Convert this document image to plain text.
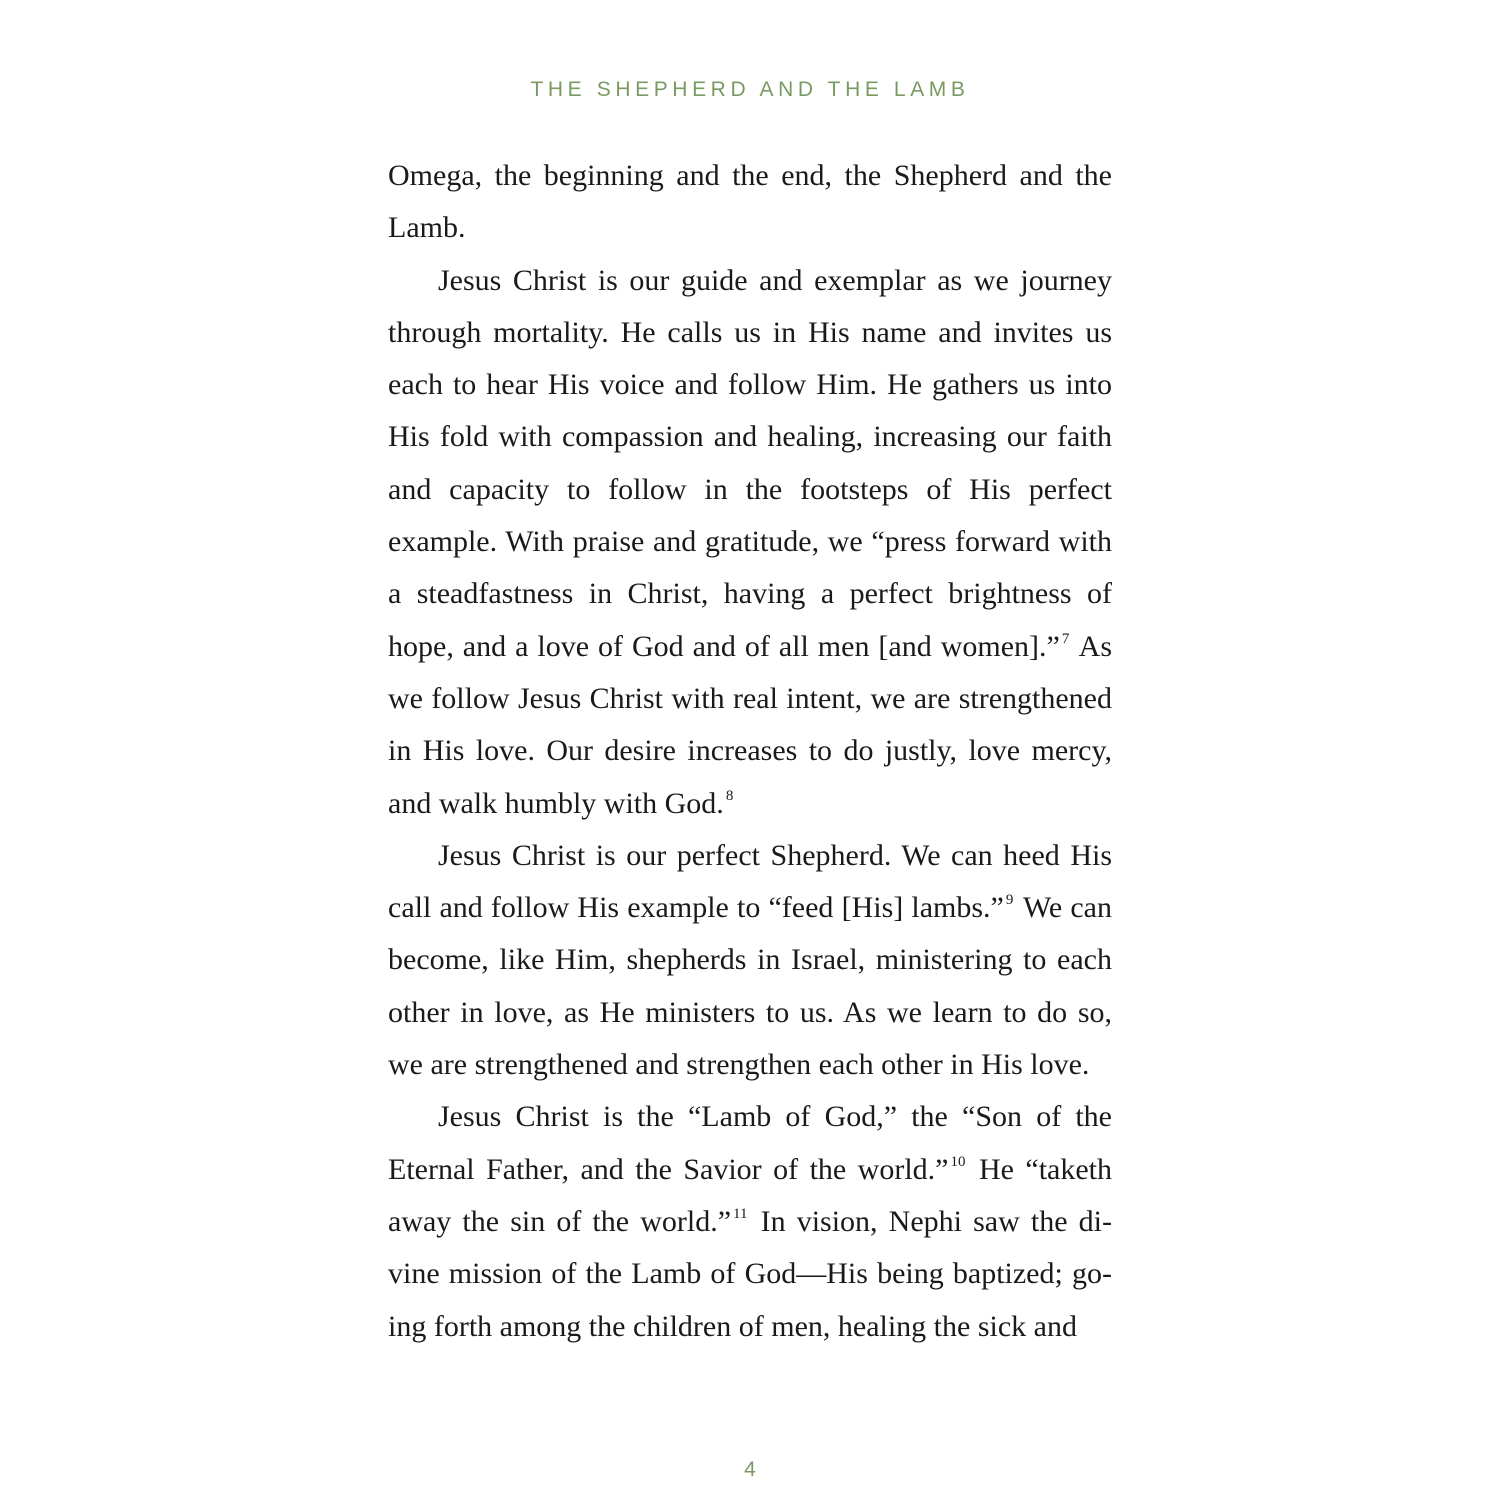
THE SHEPHERD AND THE LAMB

Omega, the beginning and the end, the Shepherd and the Lamb.

Jesus Christ is our guide and exemplar as we journey through mortality. He calls us in His name and invites us each to hear His voice and follow Him. He gathers us into His fold with compassion and healing, increasing our faith and capacity to follow in the footsteps of His perfect example. With praise and gratitude, we “press forward with a steadfastness in Christ, having a perfect brightness of hope, and a love of God and of all men [and women].” $^7$ As we follow Jesus Christ with real intent, we are strengthened in His love. Our desire increases to do justly, love mercy, and walk humbly with God. $^8$

Jesus Christ is our perfect Shepherd. We can heed His call and follow His example to “feed [His] lambs.” $^9$ We can become, like Him, shepherds in Israel, ministering to each other in love, as He ministers to us. As we learn to do so, we are strengthened and strengthen each other in His love.

Jesus Christ is the “Lamb of God,” the “Son of the Eternal Father, and the Savior of the world.” $^{10}$ He “taketh away the sin of the world.” $^{11}$ In vision, Nephi saw the divine mission of the Lamb of God—His being baptized; going forth among the children of men, healing the sick and

4
